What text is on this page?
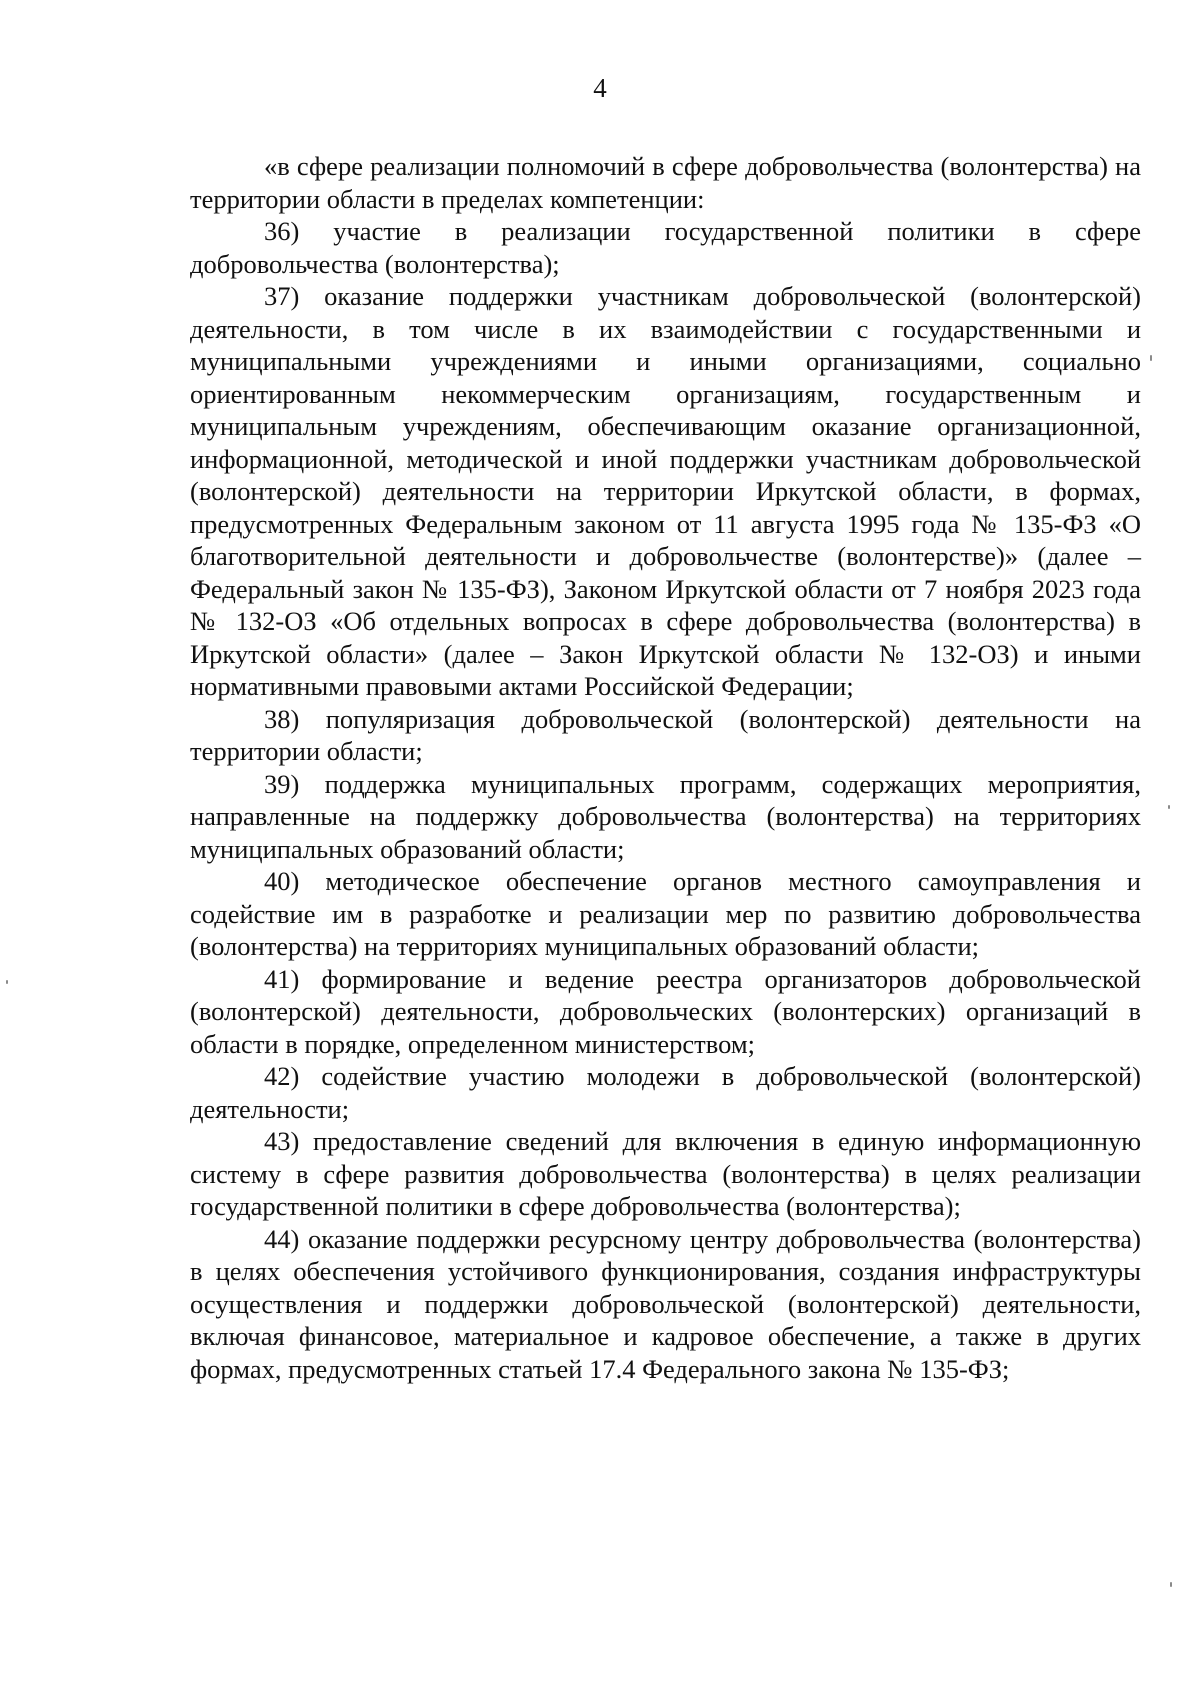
4

«в сфере реализации полномочий в сфере добровольчества (волонтерства) на территории области в пределах компетенции:

36) участие в реализации государственной политики в сфере добровольчества (волонтерства);

37) оказание поддержки участникам добровольческой (волонтерской) деятельности, в том числе в их взаимодействии с государственными и муниципальными учреждениями и иными организациями, социально ориентированным некоммерческим организациям, государственным и муниципальным учреждениям, обеспечивающим оказание организационной, информационной, методической и иной поддержки участникам добровольческой (волонтерской) деятельности на территории Иркутской области, в формах, предусмотренных Федеральным законом от 11 августа 1995 года № 135-ФЗ «О благотворительной деятельности и добровольчестве (волонтерстве)» (далее – Федеральный закон № 135-ФЗ), Законом Иркутской области от 7 ноября 2023 года № 132-ОЗ «Об отдельных вопросах в сфере добровольчества (волонтерства) в Иркутской области» (далее – Закон Иркутской области № 132-ОЗ) и иными нормативными правовыми актами Российской Федерации;

38) популяризация добровольческой (волонтерской) деятельности на территории области;

39) поддержка муниципальных программ, содержащих мероприятия, направленные на поддержку добровольчества (волонтерства) на территориях муниципальных образований области;

40) методическое обеспечение органов местного самоуправления и содействие им в разработке и реализации мер по развитию добровольчества (волонтерства) на территориях муниципальных образований области;

41) формирование и ведение реестра организаторов добровольческой (волонтерской) деятельности, добровольческих (волонтерских) организаций в области в порядке, определенном министерством;

42) содействие участию молодежи в добровольческой (волонтерской) деятельности;

43) предоставление сведений для включения в единую информационную систему в сфере развития добровольчества (волонтерства) в целях реализации государственной политики в сфере добровольчества (волонтерства);

44) оказание поддержки ресурсному центру добровольчества (волонтерства) в целях обеспечения устойчивого функционирования, создания инфраструктуры осуществления и поддержки добровольческой (волонтерской) деятельности, включая финансовое, материальное и кадровое обеспечение, а также в других формах, предусмотренных статьей 17.4 Федерального закона № 135-ФЗ;
